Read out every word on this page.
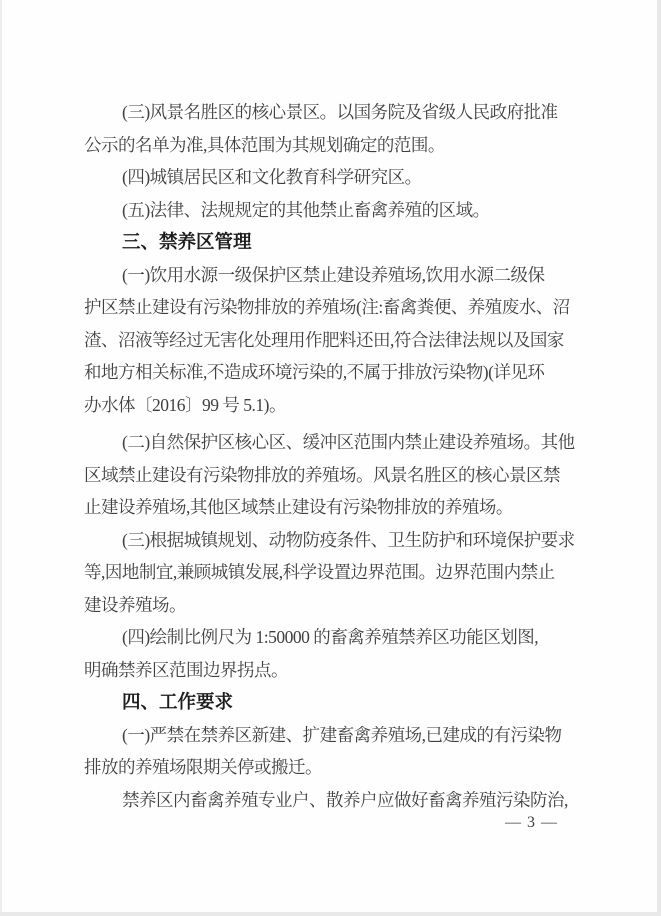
(三)风景名胜区的核心景区。以国务院及省级人民政府批准
公示的名单为准,具体范围为其规划确定的范围。
(四)城镇居民区和文化教育科学研究区。
(五)法律、法规规定的其他禁止畜禽养殖的区域。
三、禁养区管理
(一)饮用水源一级保护区禁止建设养殖场,饮用水源二级保
护区禁止建设有污染物排放的养殖场(注:畜禽粪便、养殖废水、沼
渣、沼液等经过无害化处理用作肥料还田,符合法律法规以及国家
和地方相关标准,不造成环境污染的,不属于排放污染物)(详见环
办水体〔2016〕99 号 5.1)。
(二)自然保护区核心区、缓冲区范围内禁止建设养殖场。其他
区域禁止建设有污染物排放的养殖场。风景名胜区的核心景区禁
止建设养殖场,其他区域禁止建设有污染物排放的养殖场。
(三)根据城镇规划、动物防疫条件、卫生防护和环境保护要求
等,因地制宜,兼顾城镇发展,科学设置边界范围。边界范围内禁止
建设养殖场。
(四)绘制比例尺为 1:50000 的畜禽养殖禁养区功能区划图,
明确禁养区范围边界拐点。
四、工作要求
(一)严禁在禁养区新建、扩建畜禽养殖场,已建成的有污染物
排放的养殖场限期关停或搬迁。
禁养区内畜禽养殖专业户、散养户应做好畜禽养殖污染防治,
— 3 —
